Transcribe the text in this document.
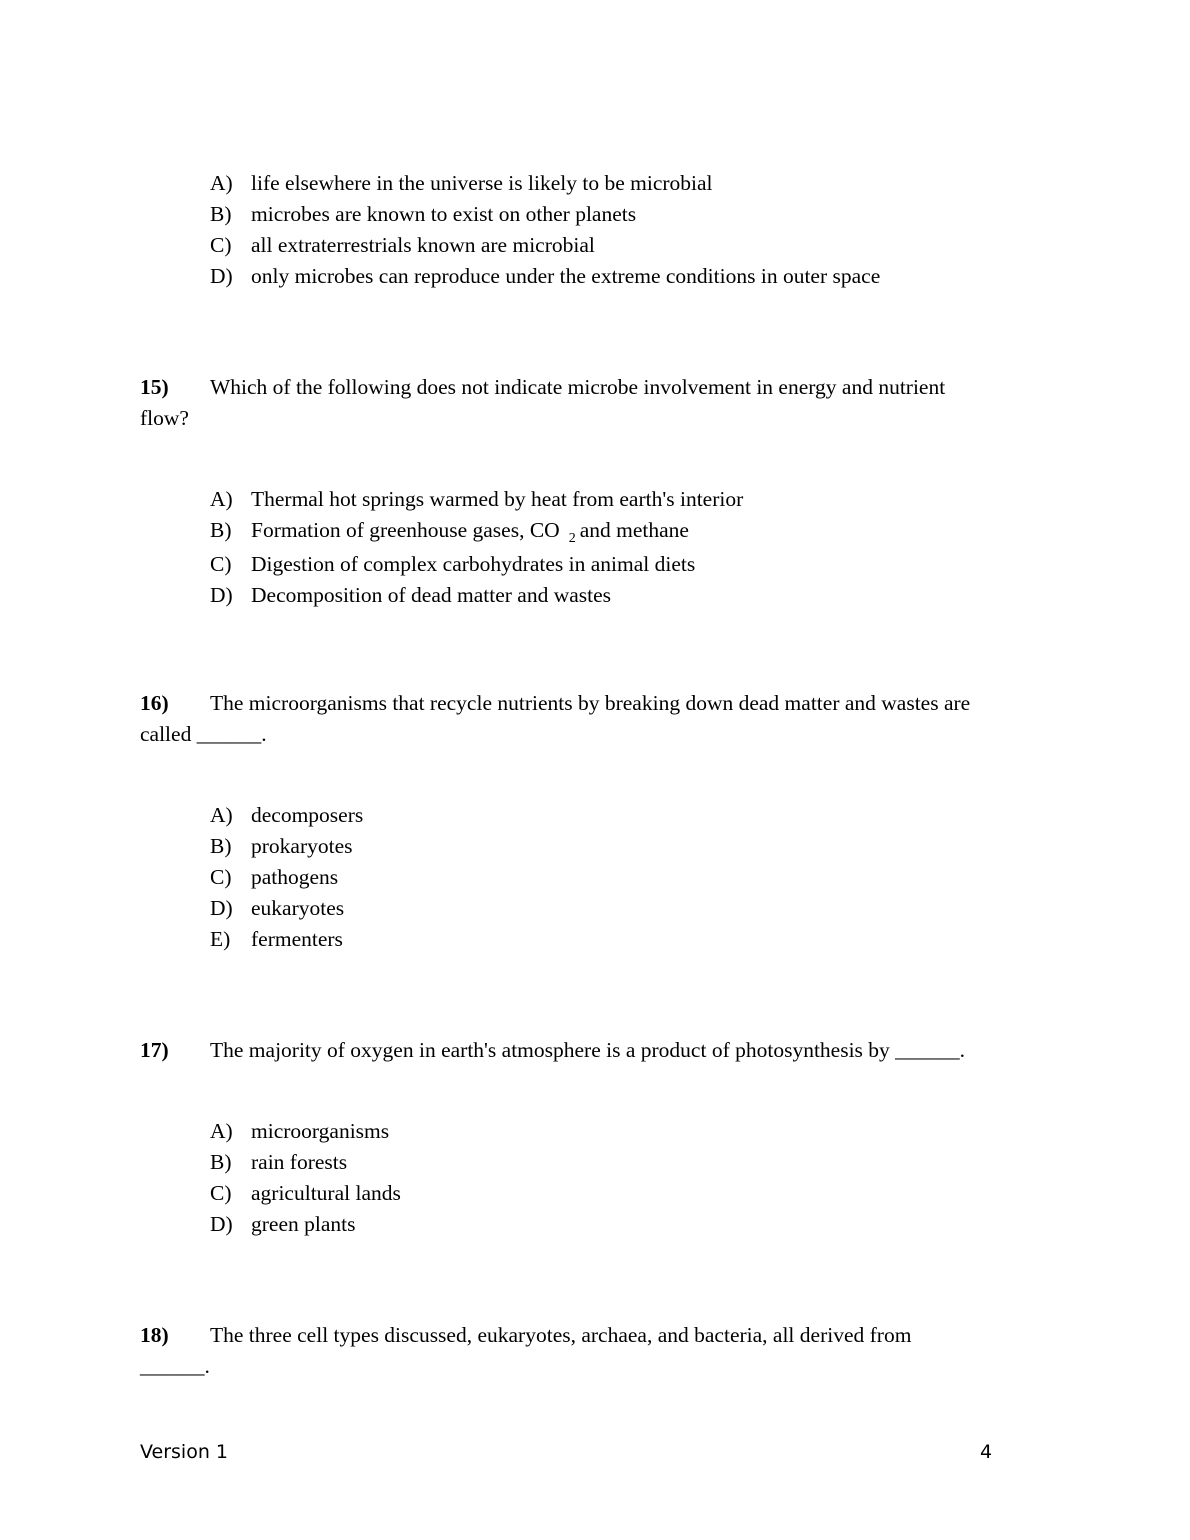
A) life elsewhere in the universe is likely to be microbial
B) microbes are known to exist on other planets
C) all extraterrestrials known are microbial
D) only microbes can reproduce under the extreme conditions in outer space
15)	Which of the following does not indicate microbe involvement in energy and nutrient
flow?
A) Thermal hot springs warmed by heat from earth's interior
B) Formation of greenhouse gases, CO $_2$ and methane
C) Digestion of complex carbohydrates in animal diets
D) Decomposition of dead matter and wastes
16)	The microorganisms that recycle nutrients by breaking down dead matter and wastes are
called ______.
A) decomposers
B) prokaryotes
C) pathogens
D) eukaryotes
E) fermenters
17)	The majority of oxygen in earth's atmosphere is a product of photosynthesis by ______.
A) microorganisms
B) rain forests
C) agricultural lands
D) green plants
18)	The three cell types discussed, eukaryotes, archaea, and bacteria, all derived from
______.
Version 1	4
